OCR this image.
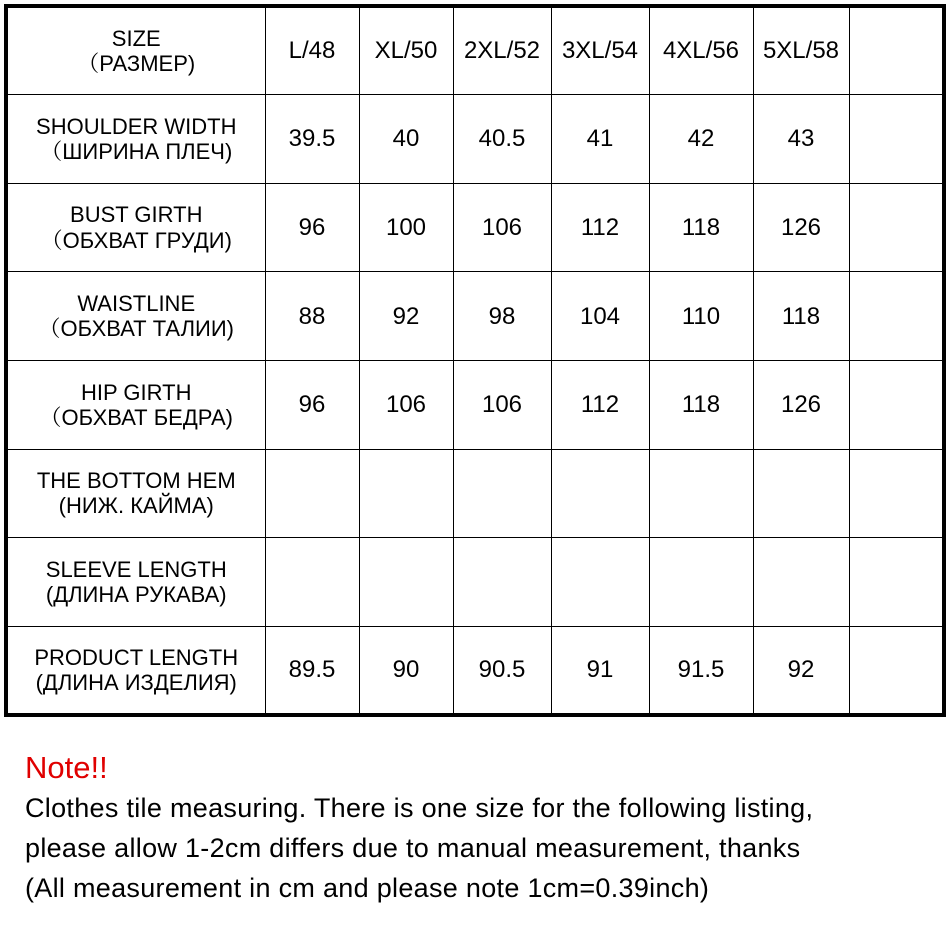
SIZE
（РАЗМЕР)	L/48	XL/50	2XL/52	3XL/54	4XL/56	5XL/58	

SHOULDER WIDTH
（ШИРИНА ПЛЕЧ)	39.5	40	40.5	41	42	43	

BUST GIRTH
（ОБХВАТ ГРУДИ)	96	100	106	112	118	126	

WAISTLINE
（ОБХВАТ ТАЛИИ)	88	92	98	104	110	118	

HIP GIRTH
（ОБХВАТ БЕДРА)	96	106	106	112	118	126	

THE BOTTOM HEM
(НИЖ. КАЙМА)							

SLEEVE LENGTH
(ДЛИНА РУКАВА)							

PRODUCT LENGTH
(ДЛИНА ИЗДЕЛИЯ)	89.5	90	90.5	91	91.5	92	

Note!!

Clothes tile measuring. There is one size for the following listing,

please allow 1-2cm differs due to manual measurement, thanks

(All measurement in cm and please note 1cm=0.39inch)
